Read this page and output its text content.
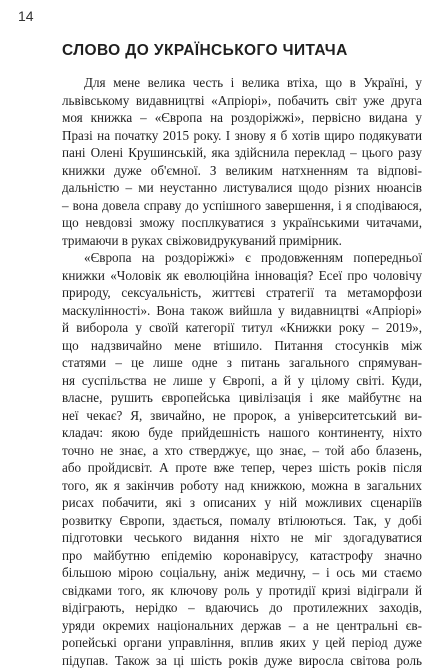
14
СЛОВО ДО УКРАЇНСЬКОГО ЧИТАЧА
Для мене велика честь і велика втіха, що в Україні, у
львівському видавництві «Апріорі», побачить світ уже друга
моя книжка – «Європа на роздоріжжі», первісно видана у
Празі на початку 2015 року. І знову я б хотів щиро подякувати
пані Олені Крушинській, яка здійснила переклад – цього разу
книжки дуже об'ємної. З великим натхненням та відпові-
дальністю – ми неустанно листувалися щодо різних нюансів
– вона довела справу до успішного завершення, і я сподіваюся,
що невдовзі зможу посплкуватися з українськими читачами,
тримаючи в руках свіжовидрукуваний примірник.
«Європа на роздоріжжі» є продовженням попередньої
книжки «Чоловік як еволюційна інновація? Есеї про чоловічу
природу, сексуальність, життєві стратегії та метаморфози
маскулінності». Вона також вийшла у видавництві «Апріорі»
й виборола у своїй категорії титул «Книжки року – 2019»,
що надзвичайно мене втішило. Питання стосунків між
статями – це лише одне з питань загального спрямуван-
ня суспільства не лише у Європі, а й у цілому світі. Куди,
власне, рушить європейська цивілізація і яке майбутнє на
неї чекає? Я, звичайно, не пророк, а університетський ви-
кладач: якою буде прийдешність нашого континенту, ніхто
точно не знає, а хто стверджує, що знає, – той або блазень,
або пройдисвіт. А проте вже тепер, через шість років після
того, як я закінчив роботу над книжкою, можна в загальних
рисах побачити, які з описаних у ній можливих сценаріїв
розвитку Європи, здається, помалу втілюються. Так, у добі
підготовки чеського видання ніхто не міг здогадуватися
про майбутню епідемію коронавірусу, катастрофу значно
більшою мірою соціальну, аніж медичну, – і ось ми стаємо
свідками того, як ключову роль у протидії кризі відіграли й
відіграють, нерідко – вдаючись до протилежних заходів,
уряди окремих національних держав – а не центральні єв-
ропейські органи управління, вплив яких у цей період дуже
підупав. Також за ці шість років дуже виросла світова роль
